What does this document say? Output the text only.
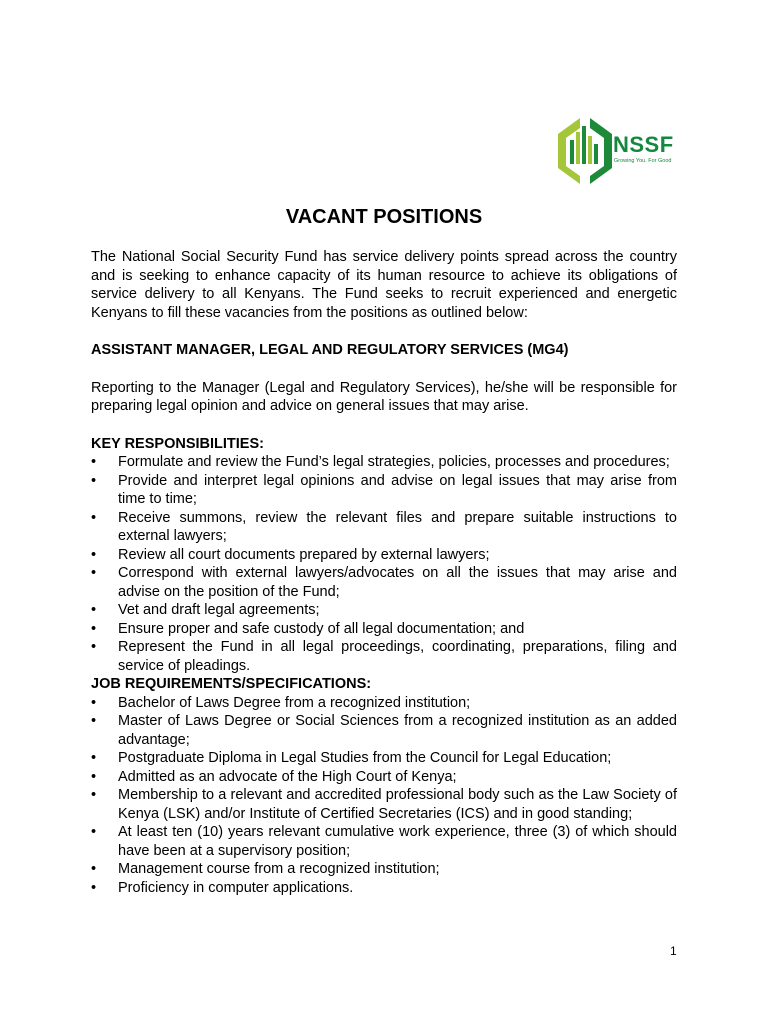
NSSF
Growing You. For Good
VACANT POSITIONS

The National Social Security Fund has service delivery points spread across the country and is seeking to enhance capacity of its human resource to achieve its obligations of service delivery to all Kenyans. The Fund seeks to recruit experienced and energetic Kenyans to fill these vacancies from the positions as outlined below:

ASSISTANT MANAGER, LEGAL AND REGULATORY SERVICES (MG4)

Reporting to the Manager (Legal and Regulatory Services), he/she will be responsible for preparing legal opinion and advice on general issues that may arise.

KEY RESPONSIBILITIES:

• Formulate and review the Fund’s legal strategies, policies, processes and procedures;
• Provide and interpret legal opinions and advise on legal issues that may arise from time to time;
• Receive summons, review the relevant files and prepare suitable instructions to external lawyers;
• Review all court documents prepared by external lawyers;
• Correspond with external lawyers/advocates on all the issues that may arise and advise on the position of the Fund;
• Vet and draft legal agreements;
• Ensure proper and safe custody of all legal documentation; and
• Represent the Fund in all legal proceedings, coordinating, preparations, filing and service of pleadings.

JOB REQUIREMENTS/SPECIFICATIONS:

• Bachelor of Laws Degree from a recognized institution;
• Master of Laws Degree or Social Sciences from a recognized institution as an added advantage;
• Postgraduate Diploma in Legal Studies from the Council for Legal Education;
• Admitted as an advocate of the High Court of Kenya;
• Membership to a relevant and accredited professional body such as the Law Society of Kenya (LSK) and/or Institute of Certified Secretaries (ICS) and in good standing;
• At least ten (10) years relevant cumulative work experience, three (3) of which should have been at a supervisory position;
• Management course from a recognized institution;
• Proficiency in computer applications.
1
